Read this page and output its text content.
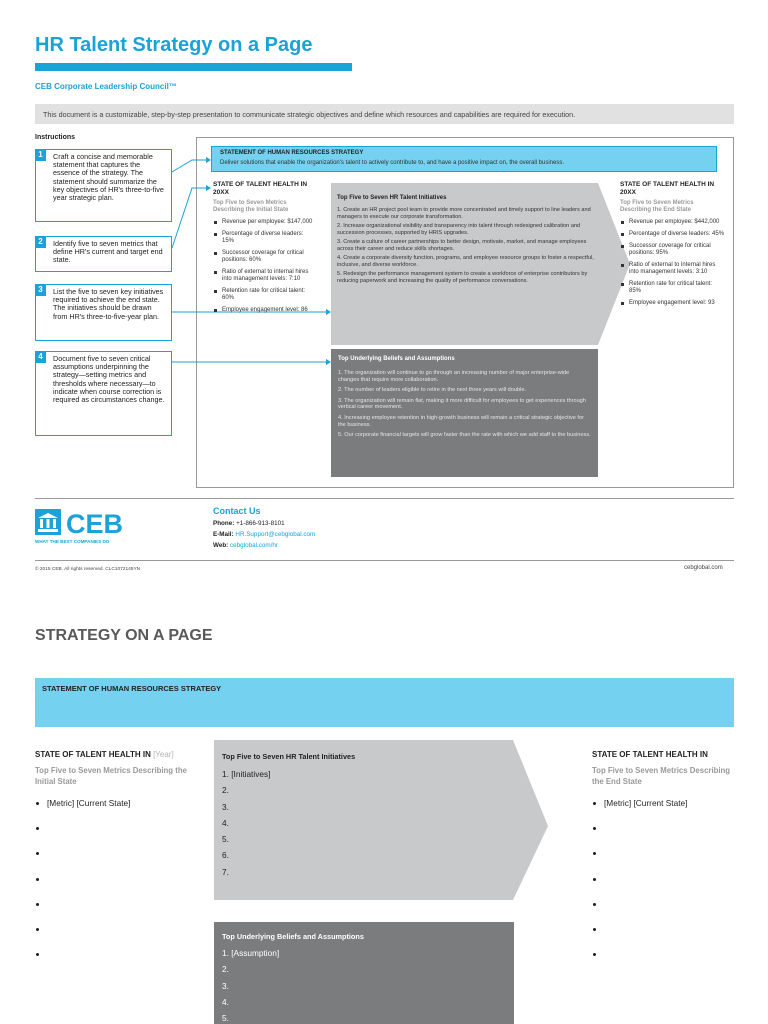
HR Talent Strategy on a Page
CEB Corporate Leadership Council™
This document is a customizable, step-by-step presentation to communicate strategic objectives and define which resources and capabilities are required for execution.
Instructions
1	Craft a concise and memorable statement that captures the essence of the strategy. The statement should summarize the key objectives of HR's three-to-five year strategic plan.
2	Identify five to seven metrics that define HR's current and target end state.
3	List the five to seven key initiatives required to achieve the end state. The initiatives should be drawn from HR's three-to-five-year plan.
4	Document five to seven critical assumptions underpinning the strategy—setting metrics and thresholds where necessary—to indicate when course correction is required as circumstances change.
STATEMENT OF HUMAN RESOURCES STRATEGY
Deliver solutions that enable the organization's talent to actively contribute to, and have a positive impact on, the overall business.
STATE OF TALENT HEALTH IN 20XX
Top Five to Seven Metrics Describing the Initial State
Revenue per employee: $147,000
Percentage of diverse leaders: 15%
Successor coverage for critical positions: 60%
Ratio of external to internal hires into management levels: 7:10
Retention rate for critical talent: 60%
Employee engagement level: 86
Top Five to Seven HR Talent Initiatives
1. Create an HR project pool team to provide more concentrated and timely support to line leaders and managers to execute our corporate transformation.
2. Increase organizational visibility and transparency into talent through redesigned calibration and succession processes, supported by HRIS upgrades.
3. Create a culture of career partnerships to better design, motivate, market, and manage employees across their career and reduce skills shortages.
4. Create a corporate diversity function, programs, and employee resource groups to foster a respectful, inclusive, and diverse workforce.
5. Redesign the performance management system to create a workforce of enterprise contributors by reducing paperwork and increasing the quality of performance conversations.
Top Underlying Beliefs and Assumptions
1. The organization will continue to go through an increasing number of major enterprise-wide changes that require more collaboration.
2. The number of leaders eligible to retire in the next three years will double.
3. The organization will remain flat, making it more difficult for employees to get experiences through vertical career movement.
4. Increasing employee retention in high-growth business will remain a critical strategic objective for the business.
5. Our corporate financial targets will grow faster than the rate with which we add staff to the business.
STATE OF TALENT HEALTH IN 20XX
Top Five to Seven Metrics Describing the End State
Revenue per employee: $442,000
Percentage of diverse leaders: 45%
Successor coverage for critical positions: 95%
Ratio of external to internal hires into management levels: 3:10
Retention rate for critical talent: 85%
Employee engagement level: 93
CEB
WHAT THE BEST COMPANIES DO
Contact Us
Phone: +1-866-913-8101
E-Mail: HR.Support@cebglobal.com
Web: cebglobal.com/hr
© 2015 CEB. All rights reserved. CLC1072145YN	cebglobal.com
STRATEGY ON A PAGE
STATEMENT OF HUMAN RESOURCES STRATEGY
STATE OF TALENT HEALTH IN [Year]
Top Five to Seven Metrics Describing the Initial State
[Metric] [Current State]
Top Five to Seven HR Talent Initiatives
1. [Initiatives]
2.
3.
4.
5.
6.
7.
Top Underlying Beliefs and Assumptions
1. [Assumption]
2.
3.
4.
5.
STATE OF TALENT HEALTH IN
Top Five to Seven Metrics Describing the End State
[Metric] [Current State]
